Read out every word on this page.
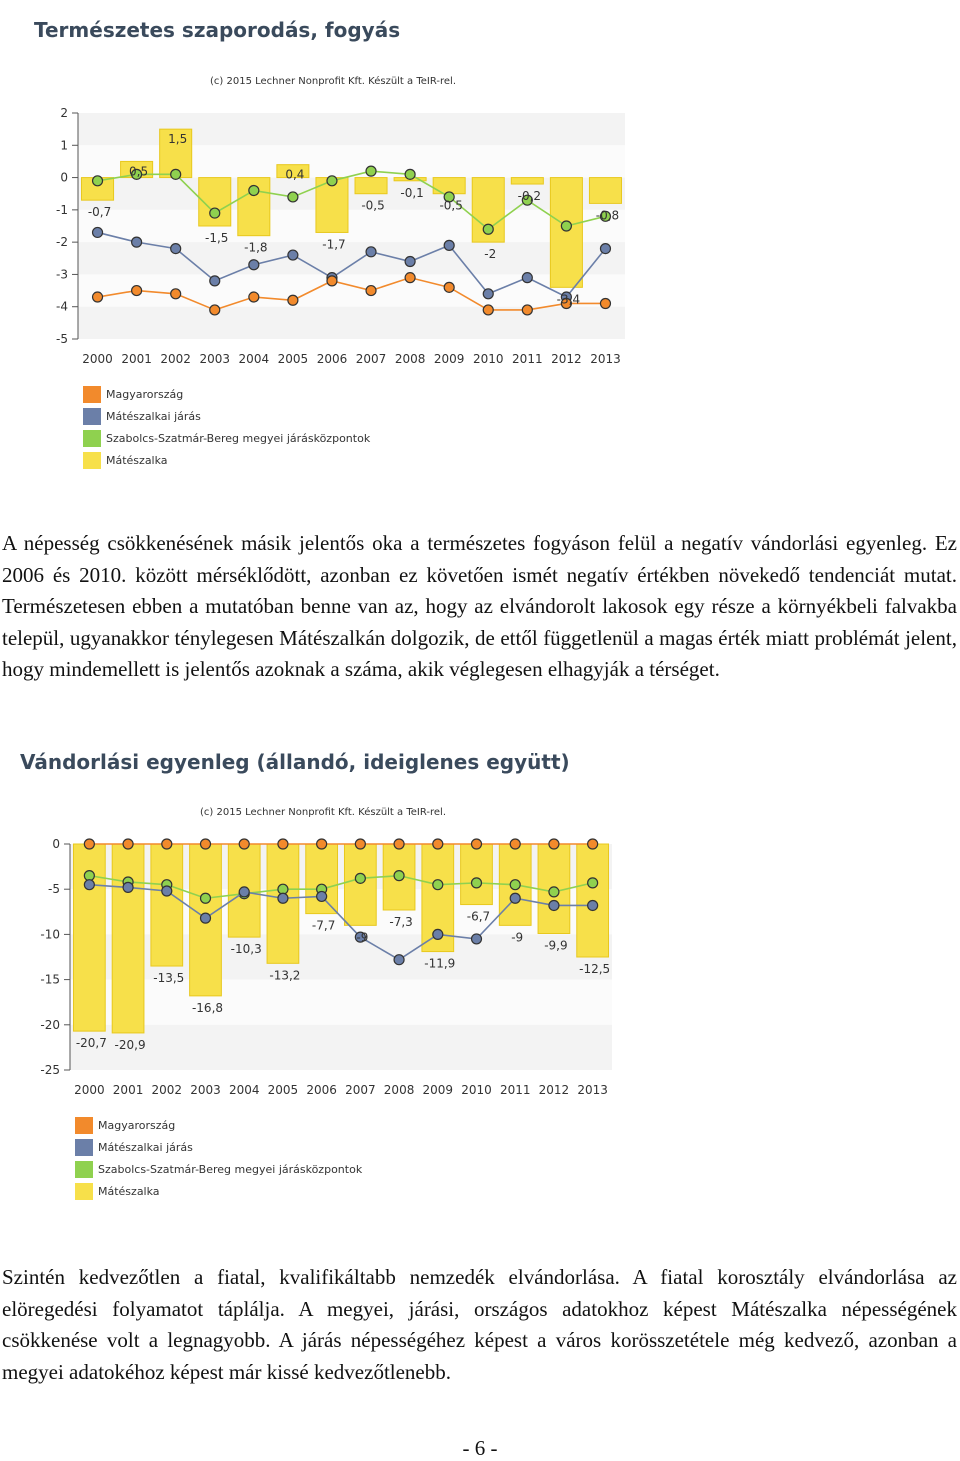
Természetes szaporodás, fogyás
(c) 2015 Lechner Nonprofit Kft. Készült a TeIR-rel.
2
1
0
-1
-2
-3
-4
-5
-0,7
0,5
1,5
-1,5
-1,8
0,4
-1,7
-0,5
-0,1
-0,5
-2
-0,2
-3,4
-0,8
2000 2001 2002 2003 2004 2005 2006 2007 2008 2009 2010 2011 2012 2013
Magyarország
Mátészalkai járás
Szabolcs-Szatmár-Bereg megyei járásközpontok
Mátészalka

A népesség csökkenésének másik jelentős oka a természetes fogyáson felül a negatív vándorlási egyenleg. Ez 2006 és 2010. között mérséklődött, azonban ez követően ismét negatív értékben növekedő tendenciát mutat. Természetesen ebben a mutatóban benne van az, hogy az elvándorolt lakosok egy része a környékbeli falvakba települ, ugyanakkor ténylegesen Mátészalkán dolgozik, de ettől függetlenül a magas érték miatt problémát jelent, hogy mindemellett is jelentős azoknak a száma, akik véglegesen elhagyják a térséget.

Vándorlási egyenleg (állandó, ideiglenes együtt)
(c) 2015 Lechner Nonprofit Kft. Készült a TeIR-rel.
0
-5
-10
-15
-20
-25
-20,7 -20,9
-13,5
-16,8
-10,3
-13,2
-7,7
-9
-7,3
-11,9
-6,7
-9
-9,9
-12,5
2000 2001 2002 2003 2004 2005 2006 2007 2008 2009 2010 2011 2012 2013
Magyarország
Mátészalkai járás
Szabolcs-Szatmár-Bereg megyei járásközpontok
Mátészalka

Szintén kedvezőtlen a fiatal, kvalifikáltabb nemzedék elvándorlása. A fiatal korosztály elvándorlása az elöregedési folyamatot táplálja. A megyei, járási, országos adatokhoz képest Mátészalka népességének csökkenése volt a legnagyobb. A járás népességéhez képest a város korösszetétele még kedvező, azonban a megyei adatokéhoz képest már kissé kedvezőtlenebb.

- 6 -
